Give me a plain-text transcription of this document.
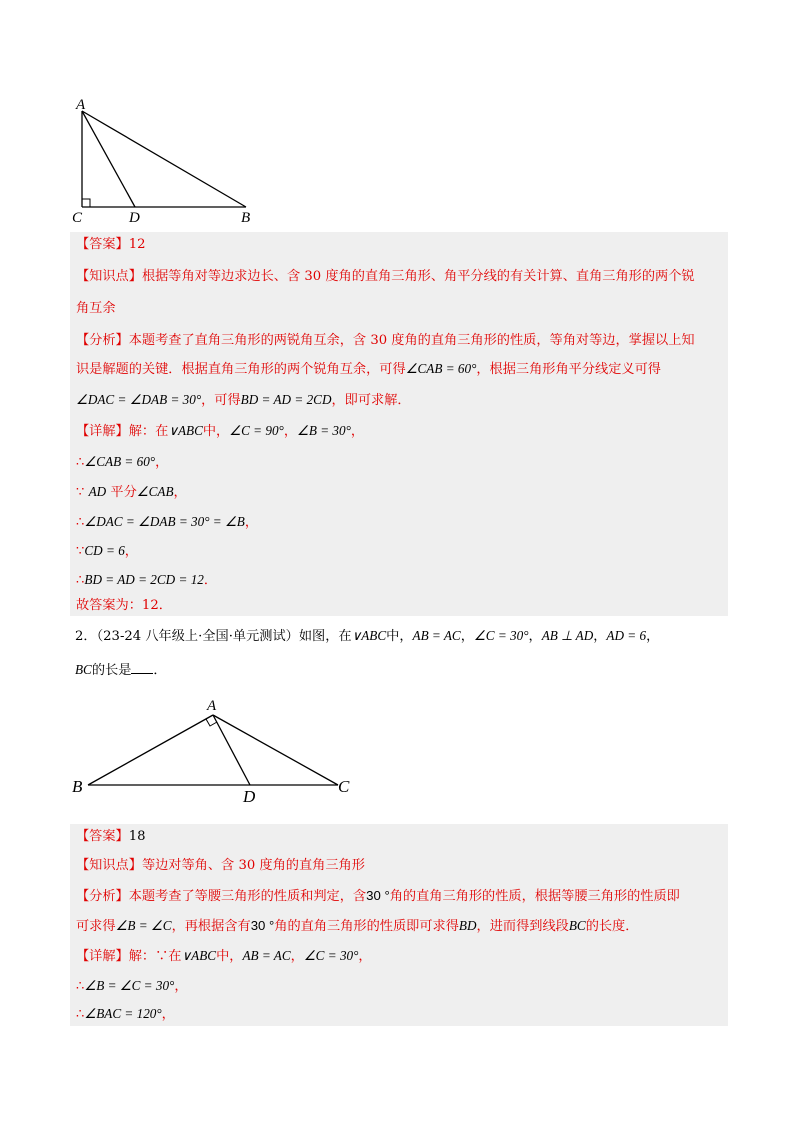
A
C	D	B
【答案】12
【知识点】根据等角对等边求边长、含 30 度角的直角三角形、角平分线的有关计算、直角三角形的两个锐
角互余
【分析】本题考查了直角三角形的两锐角互余，含 30 度角的直角三角形的性质，等角对等边，掌握以上知
识是解题的关键．根据直角三角形的两个锐角互余，可得∠CAB = 60°，根据三角形角平分线定义可得
∠DAC = ∠DAB = 30°，可得BD = AD = 2CD，即可求解．
【详解】解：在∨ABC中，∠C = 90°，∠B = 30°，
∴∠CAB = 60°，
∵ AD 平分∠CAB，
∴∠DAC = ∠DAB = 30° = ∠B，
∵CD = 6，
∴BD = AD = 2CD = 12．
故答案为：12．
2．（23-24 八年级上·全国·单元测试）如图，在∨ABC中，AB = AC，∠C = 30°，AB ⊥ AD，AD = 6，
BC的长是 ．
A
B
D
C
【答案】18
【知识点】等边对等角、含 30 度角的直角三角形
【分析】本题考查了等腰三角形的性质和判定，含30 °角的直角三角形的性质，根据等腰三角形的性质即
可求得∠B = ∠C，再根据含有30 °角的直角三角形的性质即可求得BD，进而得到线段BC的长度．
【详解】解：∵在∨ABC中，AB = AC，∠C = 30°，
∴∠B = ∠C = 30°，
∴∠BAC = 120°，
